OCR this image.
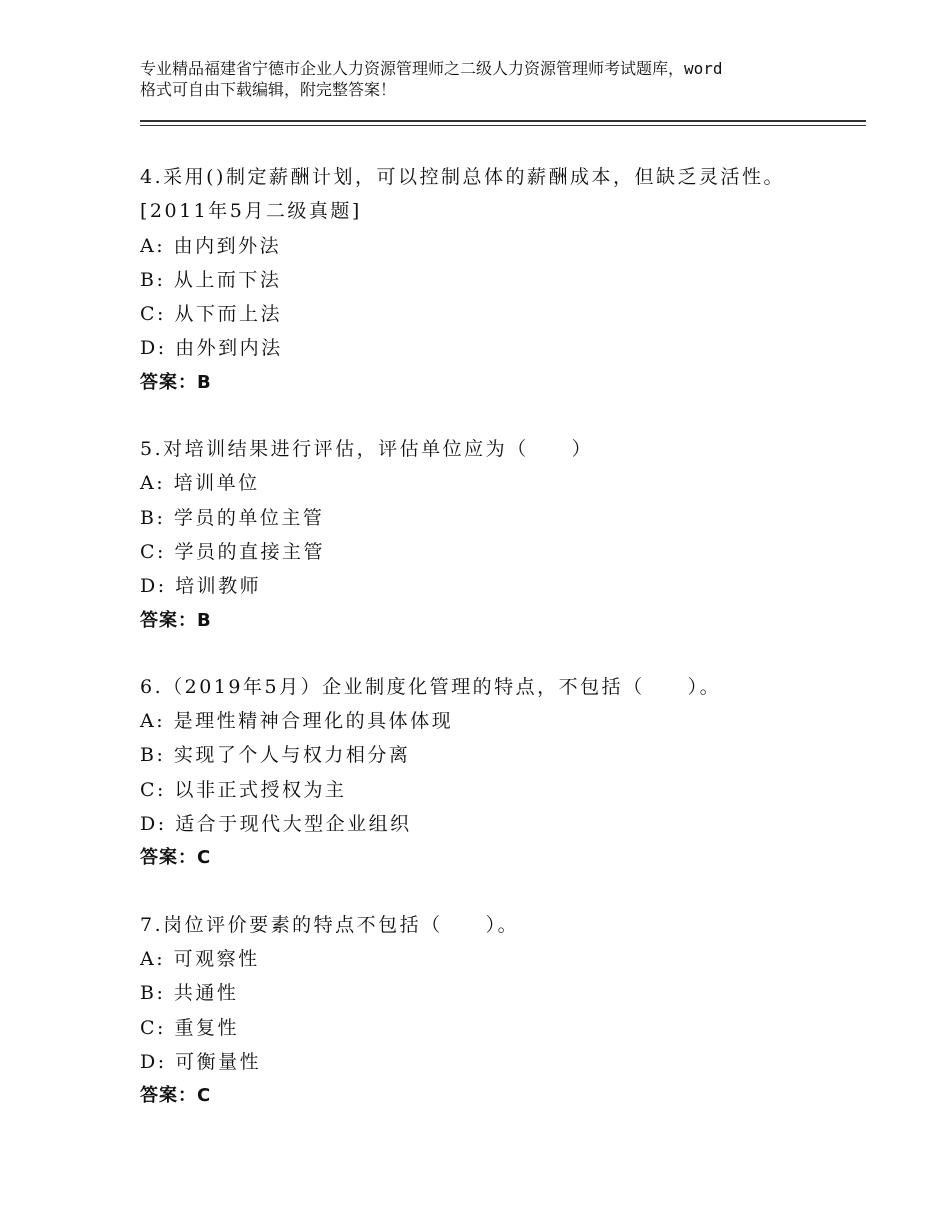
专业精品福建省宁德市企业人力资源管理师之二级人力资源管理师考试题库，word
格式可自由下载编辑，附完整答案！
4.采用()制定薪酬计划，可以控制总体的薪酬成本，但缺乏灵活性。
[2011年5月二级真题]
A: 由内到外法
B: 从上而下法
C: 从下而上法
D: 由外到内法
答案：B
5.对培训结果进行评估，评估单位应为（　　）
A: 培训单位
B: 学员的单位主管
C: 学员的直接主管
D: 培训教师
答案：B
6.（2019年5月）企业制度化管理的特点，不包括（　　）。
A: 是理性精神合理化的具体体现
B: 实现了个人与权力相分离
C: 以非正式授权为主
D: 适合于现代大型企业组织
答案：C
7.岗位评价要素的特点不包括（　　）。
A: 可观察性
B: 共通性
C: 重复性
D: 可衡量性
答案：C
